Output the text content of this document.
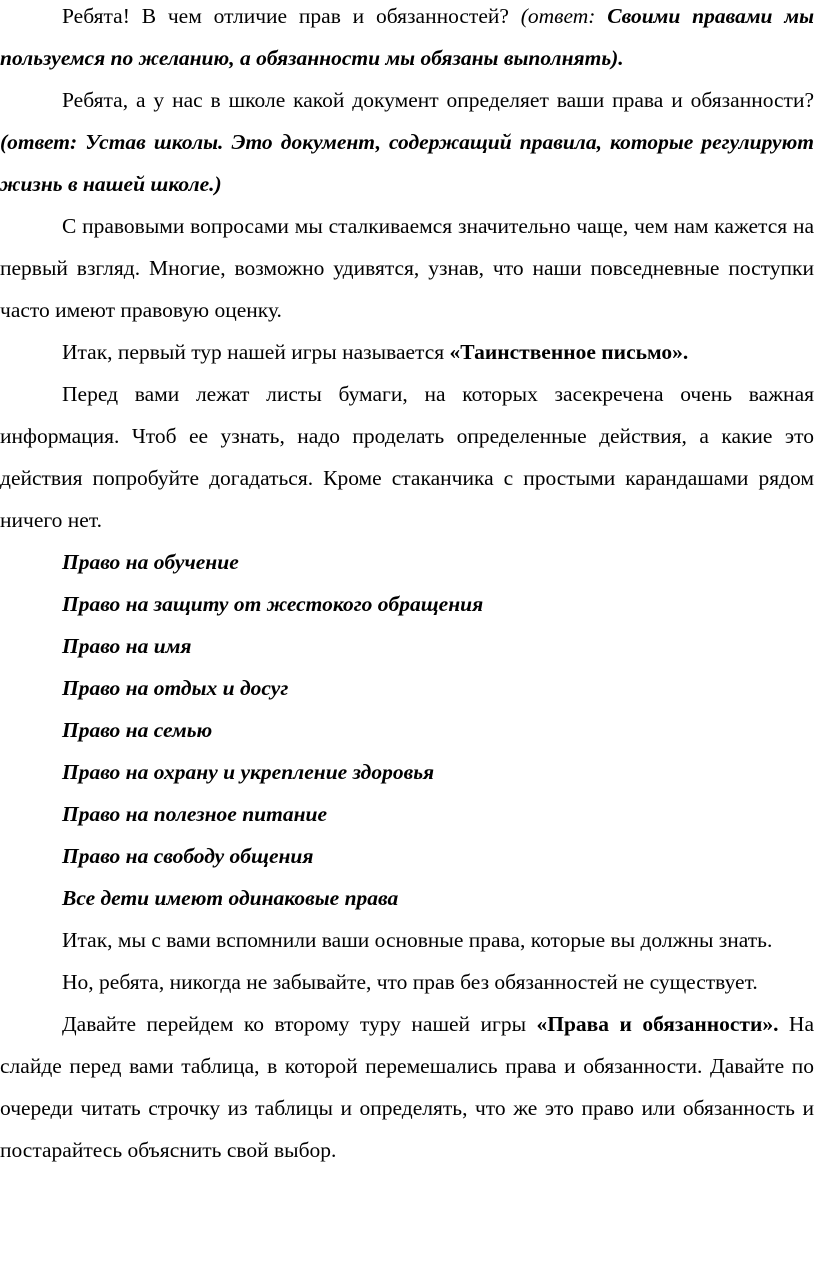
Ребята! В чем отличие прав и обязанностей? (ответ: Своими правами мы пользуемся по желанию, а обязанности мы обязаны выполнять).

Ребята, а у нас в школе какой документ определяет ваши права и обязанности? (ответ: Устав школы. Это документ, содержащий правила, которые регулируют жизнь в нашей школе.)

С правовыми вопросами мы сталкиваемся значительно чаще, чем нам кажется на первый взгляд. Многие, возможно удивятся, узнав, что наши повседневные поступки часто имеют правовую оценку.

Итак, первый тур нашей игры называется «Таинственное письмо».

Перед вами лежат листы бумаги, на которых засекречена очень важная информация. Чтоб ее узнать, надо проделать определенные действия, а какие это действия попробуйте догадаться. Кроме стаканчика с простыми карандашами рядом ничего нет.

Право на обучение
Право на защиту от жестокого обращения
Право на имя
Право на отдых и досуг
Право на семью
Право на охрану и укрепление здоровья
Право на полезное питание
Право на свободу общения
Все дети имеют одинаковые права

Итак, мы с вами вспомнили ваши основные права, которые вы должны знать.

Но, ребята, никогда не забывайте, что прав без обязанностей не существует.

Давайте перейдем ко второму туру нашей игры «Права и обязанности». На слайде перед вами таблица, в которой перемешались права и обязанности. Давайте по очереди читать строчку из таблицы и определять, что же это право или обязанность и постарайтесь объяснить свой выбор.
